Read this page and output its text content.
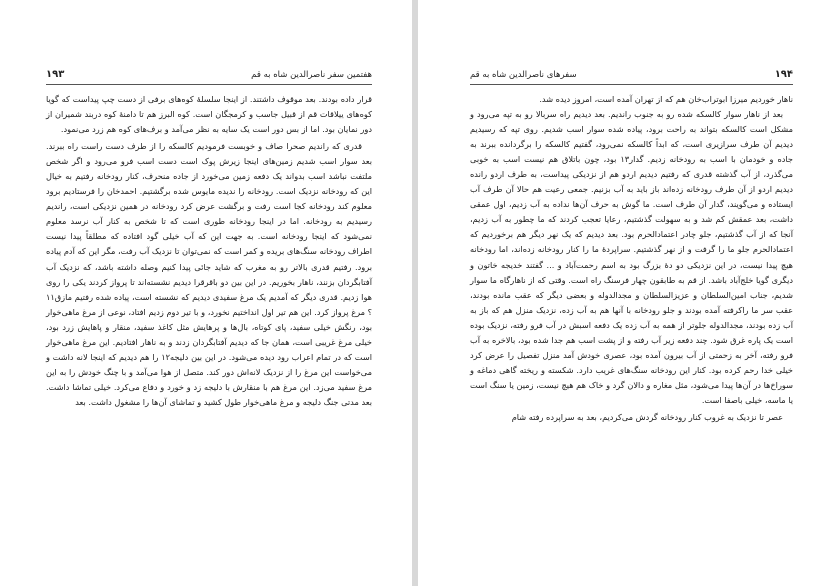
۱۹۳	هفتمین سفر ناصرالدین شاه به قم

قرار داده بودند. بعد موقوف داشتند. از اینجا سلسلهٔ کوه‌های برفی از دست چپ پیداست که گویا کوه‌های ییلاقات قم از قبیل جاسب و کرمجگان است. کوه البرز هم تا دامنهٔ کوه دربند شمیران از دور نمایان بود. اما از بس دور است یک سایه به نظر می‌آمد و برف‌های کوه هم زرد می‌نمود.

قدری که راندیم صحرا صاف و خوبست فرمودیم کالسکه را از طرف دست راست راه ببرند. بعد سوار اسب شدیم زمین‌های اینجا زیرش پوک است دست اسب فرو می‌رود و اگر شخص ملتفت نباشد اسب بدواند یک دفعه زمین می‌خورد از جاده منحرف، کنار رودخانه رفتیم به خیال این که رودخانه نزدیک است. رودخانه را ندیده مایوس شده برگشتیم. احمدخان را فرستادیم برود معلوم کند رودخانه کجا است رفت و برگشت عرض کرد رودخانه در همین نزدیکی است، راندیم رسیدیم به رودخانه. اما در اینجا رودخانه طوری است که تا شخص به کنار آب نرسد معلوم نمی‌شود که اینجا رودخانه است. به جهت این که آب خیلی گود افتاده که مطلقاً پیدا نیست اطراف رودخانه سنگ‌های بریده و کمر است که نمی‌توان تا نزدیک آب رفت، مگر این که آدم پیاده برود. رفتیم قدری بالاتر رو به مغرب که شاید جائی پیدا کنیم وصله داشته باشد، که نزدیک آب آفتابگردان بزنند، ناهار بخوریم. در این بین دو باقرقرا دیدیم نشسته‌اند تا پرواز کردند یکی را روی هوا زدیم. قدری دیگر که آمدیم یک مرغ سفیدی دیدیم که نشسته است، پیاده شده رفتیم مازق۱۱ ؟ مرغ پرواز کرد. این هم تیر اول انداختیم نخورد، و با تیر دوم زدیم افتاد، نوعی از مرغ ماهی‌خوار بود، رنگش خیلی سفید، پای کوتاه، بال‌ها و پرهایش مثل کاغذ سفید، منقار و پاهایش زرد بود، خیلی مرغ غریبی است، همان جا که دیدیم آفتابگردان زدند و به ناهار افتادیم. این مرغ ماهی‌خوار است که در تمام اعراب رود دیده می‌شود. در این بین دلیجه۱۲ را هم دیدیم که اینجا لانه داشت و می‌خواست این مرغ را از نزدیک لانه‌اش دور کند. متصل از هوا می‌آمد و با چنگ خودش را به این مرغ سفید می‌زد. این مرغ هم با منقارش با دلیجه زد و خورد و دفاع می‌کرد. خیلی تماشا داشت. بعد مدتی جنگ دلیجه و مرغ ماهی‌خوار طول کشید و تماشای آن‌ها را مشغول داشت. بعد

سفرهای ناصرالدین شاه به قم	۱۹۴

ناهار خوردیم میرزا ابوتراب‌خان هم که از تهران آمده است، امروز دیده شد.

بعد از ناهار سوار کالسکه شده رو به جنوب راندیم. بعد دیدیم راه سربالا رو به تپه می‌رود و مشکل است کالسکه بتواند به راحت برود، پیاده شده سوار اسب شدیم. روی تپه که رسیدیم دیدیم آن طرف سرازیری است، که ابداً کالسکه نمی‌رود، گفتیم کالسکه را برگردانده ببرند به جاده و خودمان با اسب به رودخانه زدیم. گدار۱۳ بود، چون باتلاق هم نیست اسب به خوبی می‌گذرد، از آب گذشته قدری که رفتیم دیدیم اردو هم از نزدیکی پیداست، به طرف اردو رانده دیدیم اردو از آن طرف رودخانه زده‌اند باز باید به آب بزنیم. جمعی رعیت هم حالا آن طرف آب ایستاده و می‌گویند، گدار آن طرف است. ما گوش به حرف آن‌ها نداده به آب زدیم، اول عمقی داشت، بعد عمقش کم شد و به سهولت گذشتیم، رعایا تعجب کردند که ما چطور به آب زدیم، آنجا که از آب گذشتیم، جلو چادر اعتمادالحرم بود. بعد دیدیم که یک نهر دیگر هم برخوردیم که اعتمادالحرم جلو ما را گرفت و از نهر گذشتیم. سراپردهٔ ما را کنار رودخانه زده‌اند، اما رودخانه هیچ پیدا نیست، در این نزدیکی دو دهٔ بزرگ بود به اسم رحمت‌آباد و ... گفتند خدیجه خاتون و دیگری گویا خلج‌آباد باشد. از قم به طابقون چهار فرسنگ راه است. وقتی که از ناهارگاه ما سوار شدیم، جناب امین‌السلطان و عزیزالسلطان و مجدالدوله و بعضی دیگر که عقب مانده بودند، عقب سر ما راکرفته آمده بودند و جلو رودخانه با آنها هم به آب زده، نزدیک منزل هم که باز به آب زده بودند، مجدالدوله جلوتر از همه به آب زده یک دفعه اسبش در آب فرو رفته، نزدیک بوده است یک پاره غرق شود. چند دفعه زیر آب رفته و از پشت اسب هم جدا شده بود، بالاخره به آب فرو رفته، آخر به زحمتی از آب بیرون آمده بود، عصری خودش آمد منزل تفصیل را عرض کرد خیلی خدا رحم کرده بود. کنار این رودخانه سنگ‌های غریب دارد. شکسته و ریخته گاهی دماغه و سوراخ‌ها در آن‌ها پیدا می‌شود، مثل مغاره و دالان گرد و خاک هم هیچ نیست، زمین یا سنگ است یا ماسه، خیلی باصفا است.

عصر تا نزدیک به غروب کنار رودخانه گردش می‌کردیم، بعد به سراپرده رفته شام
